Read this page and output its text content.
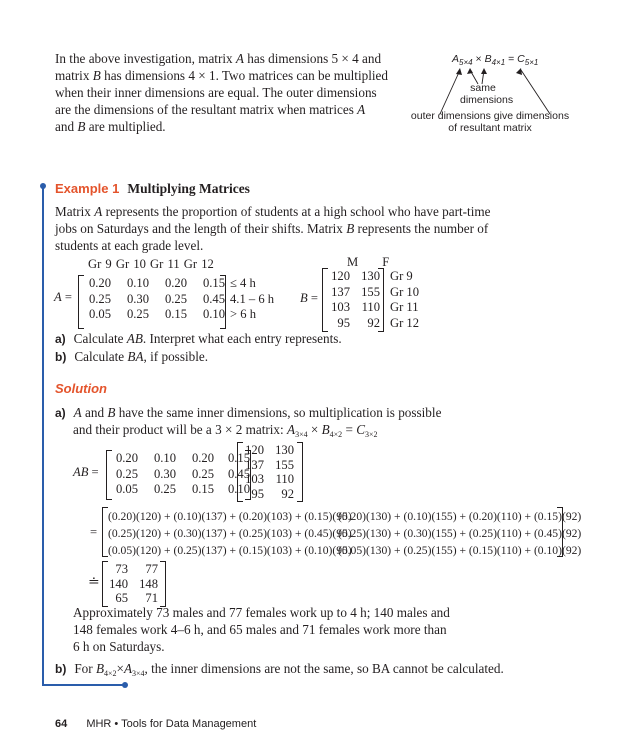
In the above investigation, matrix A has dimensions 5 × 4 and
matrix B has dimensions 4 × 1. Two matrices can be multiplied
when their inner dimensions are equal. The outer dimensions
are the dimensions of the resultant matrix when matrices A
and B are multiplied.
$A_{5\times 4} \times B_{4\times 1} = C_{5\times 1}$
same
dimensions
outer dimensions give dimensions
of resultant matrix
Example 1 Multiplying Matrices
Matrix A represents the proportion of students at a high school who have part-time
jobs on Saturdays and the length of their shifts. Matrix B represents the number of
students at each grade level.
Gr 9 Gr 10 Gr 11 Gr 12
A =
0.20 0.10 0.20 0.15
0.25 0.30 0.25 0.45
0.05 0.25 0.15 0.10
≤ 4 h
4.1 – 6 h
> 6 h
M F
B =
120 130
137 155
103 110
95 92
Gr 9
Gr 10
Gr 11
Gr 12
a) Calculate AB. Interpret what each entry represents.
b) Calculate BA, if possible.
Solution
a) A and B have the same inner dimensions, so multiplication is possible
and their product will be a 3 × 2 matrix: $A_{3\times 4} \times B_{4\times 2} = C_{3\times 2}$
AB =
0.20 0.10 0.20 0.15
0.25 0.30 0.25 0.45
0.05 0.25 0.15 0.10
120 130
137 155
103 110
95 92
=
(0.20)(120) + (0.10)(137) + (0.20)(103) + (0.15)(95)(0.20)(130) + (0.10)(155) + (0.20)(110) + (0.15)(92)
(0.25)(120) + (0.30)(137) + (0.25)(103) + (0.45)(95)(0.25)(130) + (0.30)(155) + (0.25)(110) + (0.45)(92)
(0.05)(120) + (0.25)(137) + (0.15)(103) + (0.10)(95)(0.05)(130) + (0.25)(155) + (0.15)(110) + (0.10)(92)
≐
73 77
140 148
65 71
Approximately 73 males and 77 females work up to 4 h; 140 males and
148 females work 4–6 h, and 65 males and 71 females work more than
6 h on Saturdays.
b) For $B_{4\times 2}\times A_{3\times 4}$, the inner dimensions are not the same, so BA cannot be calculated.
64 MHR • Tools for Data Management
